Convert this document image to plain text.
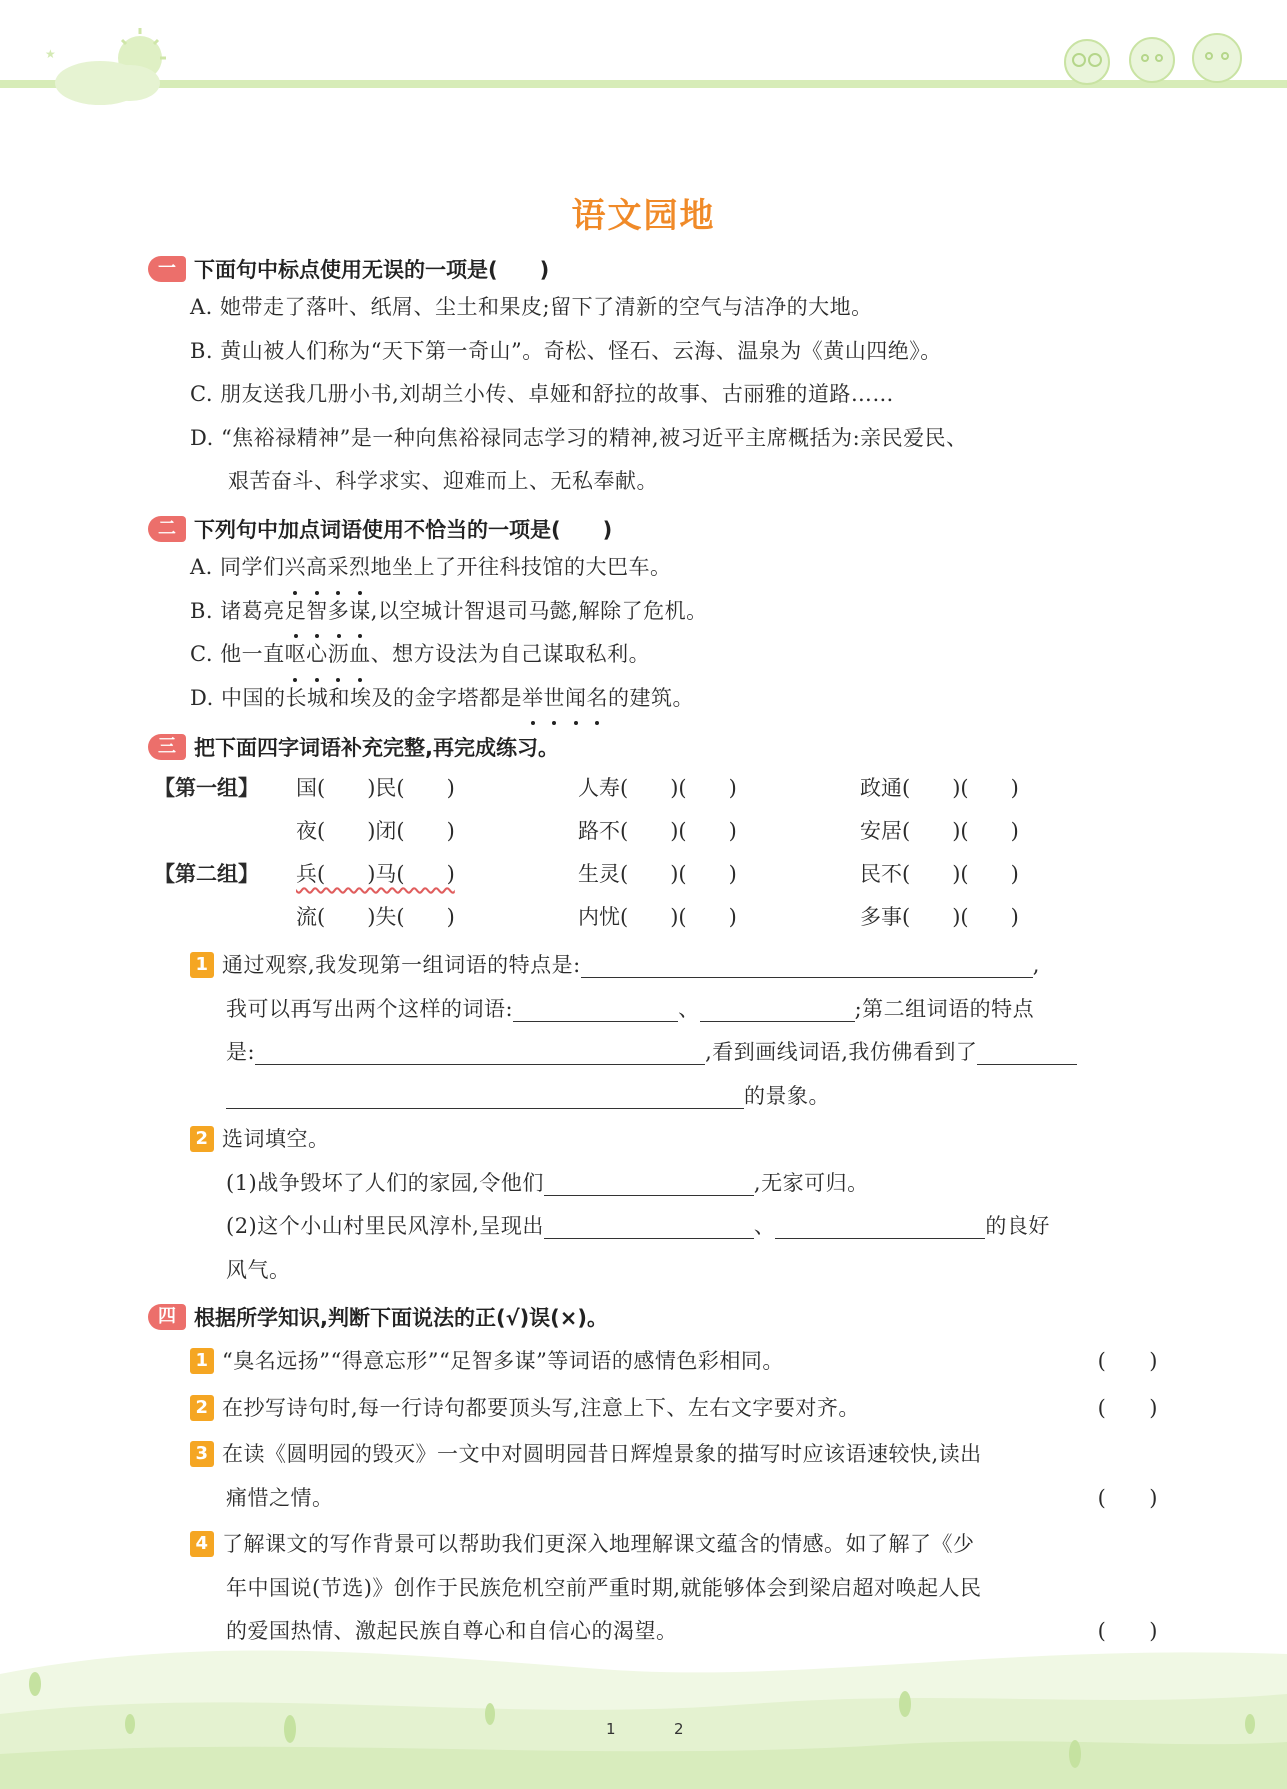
★
1	2
语文园地
一 下面句中标点使用无误的一项是(　　)
A. 她带走了落叶、纸屑、尘土和果皮;留下了清新的空气与洁净的大地。
B. 黄山被人们称为“天下第一奇山”。奇松、怪石、云海、温泉为《黄山四绝》。
C. 朋友送我几册小书,刘胡兰小传、卓娅和舒拉的故事、古丽雅的道路……
D. “焦裕禄精神”是一种向焦裕禄同志学习的精神,被习近平主席概括为:亲民爱民、
艰苦奋斗、科学求实、迎难而上、无私奉献。
二 下列句中加点词语使用不恰当的一项是(　　)
A. 同学们兴高采烈地坐上了开往科技馆的大巴车。
B. 诸葛亮足智多谋,以空城计智退司马懿,解除了危机。
C. 他一直呕心沥血、想方设法为自己谋取私利。
D. 中国的长城和埃及的金字塔都是举世闻名的建筑。
三 把下面四字词语补充完整,再完成练习。
【第一组】 国(　　)民(　　)	人寿(　　)(　　)	政通(　　)(　　)
夜(　　)闭(　　)	路不(　　)(　　)	安居(　　)(　　)
【第二组】 兵(　　)马(　　)	生灵(　　)(　　)	民不(　　)(　　)
流(　　)失(　　)	内忧(　　)(　　)	多事(　　)(　　)
1 通过观察,我发现第一组词语的特点是:	,
我可以再写出两个这样的词语:	、	;第二组词语的特点
是:	,看到画线词语,我仿佛看到了
的景象。
2 选词填空。
(1)战争毁坏了人们的家园,令他们	,无家可归。
(2)这个小山村里民风淳朴,呈现出	、	的良好
风气。
四 根据所学知识,判断下面说法的正(√)误(×)。
1 “臭名远扬”“得意忘形”“足智多谋”等词语的感情色彩相同。	(　　)
2 在抄写诗句时,每一行诗句都要顶头写,注意上下、左右文字要对齐。	(　　)
3 在读《圆明园的毁灭》一文中对圆明园昔日辉煌景象的描写时应该语速较快,读出
痛惜之情。	(　　)
4 了解课文的写作背景可以帮助我们更深入地理解课文蕴含的情感。如了解了《少
年中国说(节选)》创作于民族危机空前严重时期,就能够体会到梁启超对唤起人民
的爱国热情、激起民族自尊心和自信心的渴望。	(　　)
